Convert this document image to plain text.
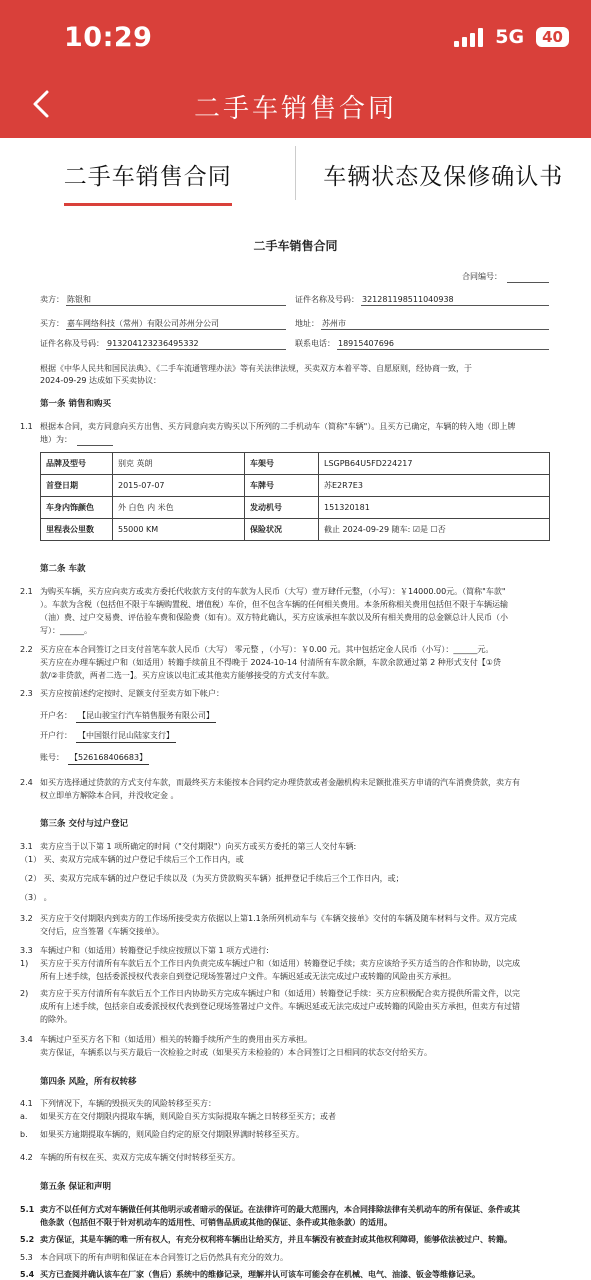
10:29	5G	40
二手车销售合同
二手车销售合同	车辆状态及保修确认书
二手车销售合同
合同编号：
卖方： 陈银和	证件名称及号码： 321281198511040938
买方： 嘉车网络科技（常州）有限公司苏州分公司	地址： 苏州市
证件名称及号码： 913204123236495332	联系电话： 18915407696
根据《中华人民共和国民法典》、《二手车流通管理办法》等有关法律法规，买卖双方本着平等、自愿原则，经协商一致，于
2024-09-29 达成如下买卖协议：
第一条 销售和购买
1.1 根据本合同，卖方同意向买方出售、买方同意向卖方购买以下所列的二手机动车（简称"车辆"）。且买方已确定，车辆的转入地（即上牌
地）为：
品牌及型号	别克 英朗	车架号	LSGPB64U5FD224217
首登日期	2015-07-07	车牌号	苏E2R7E3
车身内饰颜色	外 白色 内 米色	发动机号	151320181
里程表公里数	55000 KM	保险状况	截止 2024-09-29 随车: ☑是 ☐否
第二条 车款
2.1 为购买车辆，买方应向卖方或卖方委托代收款方支付的车款为人民币（大写）壹万肆仟元整，（小写）：￥14000.00元。（简称"车款"
）。车款为含税（包括但不限于车辆购置税、增值税）车价，但不包含车辆的任何相关费用。本条所称相关费用包括但不限于车辆运输
（油）费、过户交易费、评估验车费和保险费（如有）。双方特此确认，买方应该承担车款以及所有相关费用的总金额总计人民币（小
写）：______。
2.2 买方应在本合同签订之日支付首笔车款人民币（大写） 零元整 ，（小写）：￥0.00 元。其中包括定金人民币（小写）：______元。
买方应在办理车辆过户和（如适用）转籍手续前且不得晚于 2024-10-14 付清所有车款余额，车款余款通过第 2 种形式支付【①贷
款/②非贷款，两者二选一】。买方应该以电汇或其他卖方能够接受的方式支付车款。
2.3 买方应按前述约定按时、足额支付至卖方如下帐户：
开户名： 【昆山骏宝行汽车销售服务有限公司】
开户行： 【中国银行昆山陆家支行】
账号： 【526168406683】
2.4 如买方选择通过贷款的方式支付车款，而最终买方未能按本合同约定办理贷款或者金融机构未足额批准买方申请的汽车消费贷款，卖方有
权立即单方解除本合同，并没收定金 。
第三条 交付与过户登记
3.1 卖方应当于以下第 1 项所确定的时间（"交付期限"）向买方或买方委托的第三人交付车辆:
（1） 买、卖双方完成车辆的过户登记手续后三个工作日内，或
（2） 买、卖双方完成车辆的过户登记手续以及（为买方贷款购买车辆）抵押登记手续后三个工作日内，或；
（3） 。
3.2 买方应于交付期限内到卖方的工作场所接受卖方依据以上第1.1条所列机动车与《车辆交接单》交付的车辆及随车材料与文件。双方完成
交付后，应当签署《车辆交接单》。
3.3 车辆过户和（如适用）转籍登记手续应按照以下第 1 项方式进行:
1) 买方应于买方付清所有车款后五个工作日内负责完成车辆过户和（如适用）转籍登记手续；卖方应该给予买方适当的合作和协助，以完成
所有上述手续，包括委派授权代表亲自到登记现场签署过户文件。车辆迟延或无法完成过户或转籍的风险由买方承担。
2) 卖方应于买方付清所有车款后五个工作日内协助买方完成车辆过户和（如适用）转籍登记手续：买方应积极配合卖方提供所需文件，以完
成所有上述手续，包括亲自或委派授权代表到登记现场签署过户文件。车辆迟延或无法完成过户或转籍的风险由买方承担，但卖方有过错
的除外。
3.4 车辆过户至买方名下和（如适用）相关的转籍手续所产生的费用由买方承担。
卖方保证，车辆系以与买方最后一次检验之时或（如果买方未检验的）本合同签订之日相同的状态交付给买方。
第四条 风险，所有权转移
4.1 下列情况下，车辆的毁损灭失的风险转移至买方：
a. 如果买方在交付期限内提取车辆，则风险自买方实际提取车辆之日转移至买方；或者
b. 如果买方逾期提取车辆的，则风险自约定的原交付期限界满时转移至买方。
4.2 车辆的所有权在买、卖双方完成车辆交付时转移至买方。
第五条 保证和声明
5.1 卖方不以任何方式对车辆做任何其他明示或者暗示的保证。在法律许可的最大范围内，本合同排除法律有关机动车的所有保证、条件或其
他条款（包括但不限于针对机动车的适用性、可销售品质或其他的保证、条件或其他条款）的适用。
5.2 卖方保证，其是车辆的唯一所有权人，有充分权利将车辆出让给买方，并且车辆没有被查封或其他权利障碍，能够依法被过户、转籍。
5.3 本合同项下的所有声明和保证在本合同签订之后仍然具有充分的效力。
5.4 买方已查阅并确认该车在厂家（售后）系统中的维修记录，理解并认可该车可能会存在机械、电气、油漆、钣金等维修记录。
